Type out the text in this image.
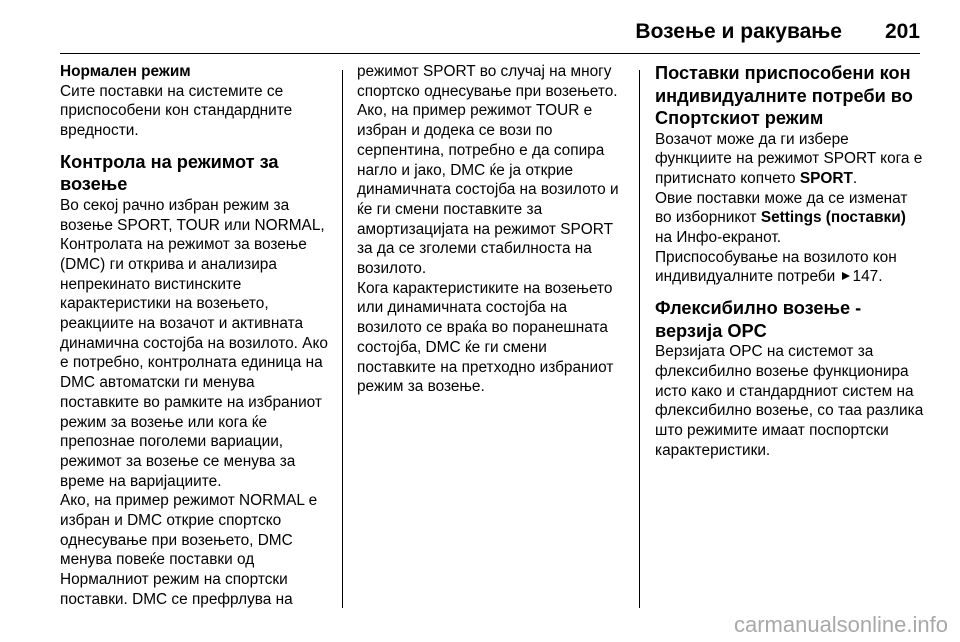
Возење и ракување 201
Нормален режим

Сите поставки на системите се приспособени кон стандардните вредности.

Контрола на режимот за возење

Во секој рачно избран режим за возење SPORT, TOUR или NORMAL, Контролата на режимот за возење (DMC) ги открива и анализира непрекинато вистинските карактеристики на возењето, реакциите на возачот и активната динамична состојба на возилото. Ако е потребно, контролната единица на DMC автоматски ги менува поставките во рамките на избраниот режим за возење или кога ќе препознае поголеми вариации, режимот за возење се менува за време на варијациите.

Ако, на пример режимот NORMAL е избран и DMC открие спортско однесување при возењето, DMC менува повеќе поставки од Нормалниот режим на спортски поставки. DMC се префрлува на

режимот SPORT во случај на многу спортско однесување при возењето.

Ако, на пример режимот TOUR е избран и додека се вози по серпентина, потребно е да сопира нагло и јако, DMC ќе ја открие динамичната состојба на возилото и ќе ги смени поставките за амортизацијата на режимот SPORT за да се зголеми стабилноста на возилото.

Кога карактеристиките на возењето или динамичната состојба на возилото се враќа во поранешната состојба, DMC ќе ги смени поставките на претходно избраниот режим за возење.

Поставки приспособени кон индивидуалните потреби во Спортскиот режим

Возачот може да ги избере функциите на режимот SPORT кога е притиснато копчето SPORT.

Овие поставки може да се изменат во изборникот Settings (поставки) на Инфо-екранот.

Приспособување на возилото кон индивидуалните потреби 147.

Флексибилно возење - верзија OPC

Верзијата OPC на системот за флексибилно возење функционира исто како и стандардниот систем на флексибилно возење, со таа разлика што режимите имаат поспортски карактеристики.

carmanualsonline.info
